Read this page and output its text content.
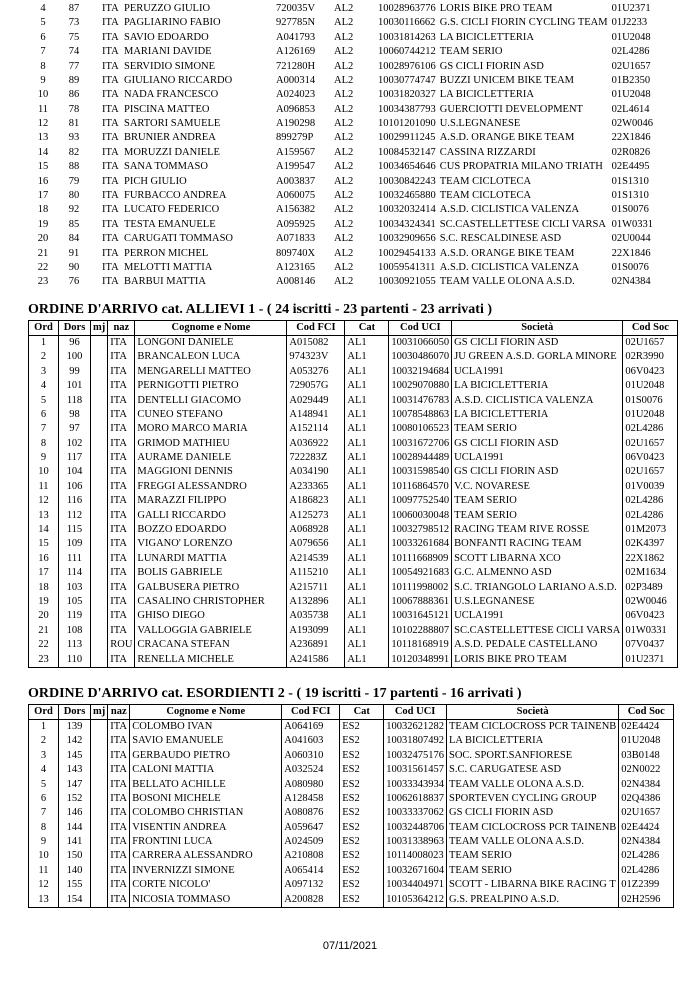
4	87		ITA	PERUZZO GIULIO	720035V	AL2	10028963776	LORIS BIKE PRO TEAM	01U2371
5	73		ITA	PAGLIARINO FABIO	927785N	AL2	10030116662	G.S. CICLI FIORIN CYCLING TEAM	01J2233
6	75		ITA	SAVIO EDOARDO	A041793	AL2	10031814263	LA BICICLETTERIA	01U2048
7	74		ITA	MARIANI DAVIDE	A126169	AL2	10060744212	TEAM SERIO	02L4286
8	77		ITA	SERVIDIO SIMONE	721280H	AL2	10028976106	GS CICLI FIORIN ASD	02U1657
9	89		ITA	GIULIANO RICCARDO	A000314	AL2	10030774747	BUZZI UNICEM BIKE TEAM	01B2350
10	86		ITA	NADA FRANCESCO	A024023	AL2	10031820327	LA BICICLETTERIA	01U2048
11	78		ITA	PISCINA MATTEO	A096853	AL2	10034387793	GUERCIOTTI DEVELOPMENT	02L4614
12	81		ITA	SARTORI SAMUELE	A190298	AL2	10101201090	U.S.LEGNANESE	02W0046
13	93		ITA	BRUNIER ANDREA	899279P	AL2	10029911245	A.S.D. ORANGE BIKE TEAM	22X1846
14	82		ITA	MORUZZI DANIELE	A159567	AL2	10084532147	CASSINA RIZZARDI	02R0826
15	88		ITA	SANA TOMMASO	A199547	AL2	10034654646	CUS PROPATRIA MILANO TRIATH	02E4495
16	79		ITA	PICH GIULIO	A003837	AL2	10030842243	TEAM CICLOTECA	01S1310
17	80		ITA	FURBACCO ANDREA	A060075	AL2	10032465880	TEAM CICLOTECA	01S1310
18	92		ITA	LUCATO FEDERICO	A156382	AL2	10032032414	A.S.D. CICLISTICA VALENZA	01S0076
19	85		ITA	TESTA EMANUELE	A095925	AL2	10034324341	SC.CASTELLETTESE CICLI VARSA	01W0331
20	84		ITA	CARUGATI TOMMASO	A071833	AL2	10032909656	S.C. RESCALDINESE ASD	02U0044
21	91		ITA	PERRON MICHEL	809740X	AL2	10029454133	A.S.D. ORANGE BIKE TEAM	22X1846
22	90		ITA	MELOTTI MATTIA	A123165	AL2	10059541311	A.S.D. CICLISTICA VALENZA	01S0076
23	76		ITA	BARBUI MATTIA	A008146	AL2	10030921055	TEAM VALLE OLONA A.S.D.	02N4384
ORDINE D'ARRIVO cat. ALLIEVI 1 - ( 24 iscritti - 23 partenti - 23 arrivati )
Ord	Dors	mj	naz	Cognome e Nome	Cod FCI	Cat	Cod UCI	Società	Cod Soc
1	96		ITA	LONGONI DANIELE	A015082	AL1	10031066050	GS CICLI FIORIN ASD	02U1657
2	100		ITA	BRANCALEON LUCA	974323V	AL1	10030486070	JU GREEN A.S.D. GORLA MINORE	02R3990
3	99		ITA	MENGARELLI MATTEO	A053276	AL1	10032194684	UCLA1991	06V0423
4	101		ITA	PERNIGOTTI PIETRO	729057G	AL1	10029070880	LA BICICLETTERIA	01U2048
5	118		ITA	DENTELLI GIACOMO	A029449	AL1	10031476783	A.S.D. CICLISTICA VALENZA	01S0076
6	98		ITA	CUNEO STEFANO	A148941	AL1	10078548863	LA BICICLETTERIA	01U2048
7	97		ITA	MORO MARCO MARIA	A152114	AL1	10080106523	TEAM SERIO	02L4286
8	102		ITA	GRIMOD MATHIEU	A036922	AL1	10031672706	GS CICLI FIORIN ASD	02U1657
9	117		ITA	AURAME DANIELE	722283Z	AL1	10028944489	UCLA1991	06V0423
10	104		ITA	MAGGIONI DENNIS	A034190	AL1	10031598540	GS CICLI FIORIN ASD	02U1657
11	106		ITA	FREGGI ALESSANDRO	A233365	AL1	10116864570	V.C. NOVARESE	01V0039
12	116		ITA	MARAZZI FILIPPO	A186823	AL1	10097752540	TEAM SERIO	02L4286
13	112		ITA	GALLI RICCARDO	A125273	AL1	10060030048	TEAM SERIO	02L4286
14	115		ITA	BOZZO EDOARDO	A068928	AL1	10032798512	RACING TEAM RIVE ROSSE	01M2073
15	109		ITA	VIGANO' LORENZO	A079656	AL1	10033261684	BONFANTI RACING TEAM	02K4397
16	111		ITA	LUNARDI MATTIA	A214539	AL1	10111668909	SCOTT LIBARNA XCO	22X1862
17	114		ITA	BOLIS GABRIELE	A115210	AL1	10054921683	G.C. ALMENNO ASD	02M1634
18	103		ITA	GALBUSERA PIETRO	A215711	AL1	10111998002	S.C. TRIANGOLO LARIANO A.S.D.	02P3489
19	105		ITA	CASALINO CHRISTOPHER	A132896	AL1	10067888361	U.S.LEGNANESE	02W0046
20	119		ITA	GHISO DIEGO	A035738	AL1	10031645121	UCLA1991	06V0423
21	108		ITA	VALLOGGIA GABRIELE	A193099	AL1	10102288807	SC.CASTELLETTESE CICLI VARSA	01W0331
22	113		ROU	CRACANA STEFAN	A236891	AL1	10118168919	A.S.D. PEDALE CASTELLANO	07V0437
23	110		ITA	RENELLA MICHELE	A241586	AL1	10120348991	LORIS BIKE PRO TEAM	01U2371
ORDINE D'ARRIVO cat. ESORDIENTI 2 - ( 19 iscritti - 17 partenti - 16 arrivati )
Ord	Dors	mj	naz	Cognome e Nome	Cod FCI	Cat	Cod UCI	Società	Cod Soc
1	139		ITA	COLOMBO IVAN	A064169	ES2	10032621282	TEAM CICLOCROSS PCR TAINENB	02E4424
2	142		ITA	SAVIO EMANUELE	A041603	ES2	10031807492	LA BICICLETTERIA	01U2048
3	145		ITA	GERBAUDO PIETRO	A060310	ES2	10032475176	SOC. SPORT.SANFIORESE	03B0148
4	143		ITA	CALONI MATTIA	A032524	ES2	10031561457	S.C. CARUGATESE ASD	02N0022
5	147		ITA	BELLATO ACHILLE	A080980	ES2	10033343934	TEAM VALLE OLONA A.S.D.	02N4384
6	152		ITA	BOSONI MICHELE	A128458	ES2	10062618837	SPORTEVEN CYCLING GROUP	02Q4386
7	146		ITA	COLOMBO CHRISTIAN	A080876	ES2	10033337062	GS CICLI FIORIN ASD	02U1657
8	144		ITA	VISENTIN ANDREA	A059647	ES2	10032448706	TEAM CICLOCROSS PCR TAINENB	02E4424
9	141		ITA	FRONTINI LUCA	A024509	ES2	10031338963	TEAM VALLE OLONA A.S.D.	02N4384
10	150		ITA	CARRERA ALESSANDRO	A210808	ES2	10114008023	TEAM SERIO	02L4286
11	140		ITA	INVERNIZZI SIMONE	A065414	ES2	10032671604	TEAM SERIO	02L4286
12	155		ITA	CORTE NICOLO'	A097132	ES2	10034404971	SCOTT - LIBARNA BIKE RACING T	01Z2399
13	154		ITA	NICOSIA TOMMASO	A200828	ES2	10105364212	G.S. PREALPINO A.S.D.	02H2596
07/11/2021
